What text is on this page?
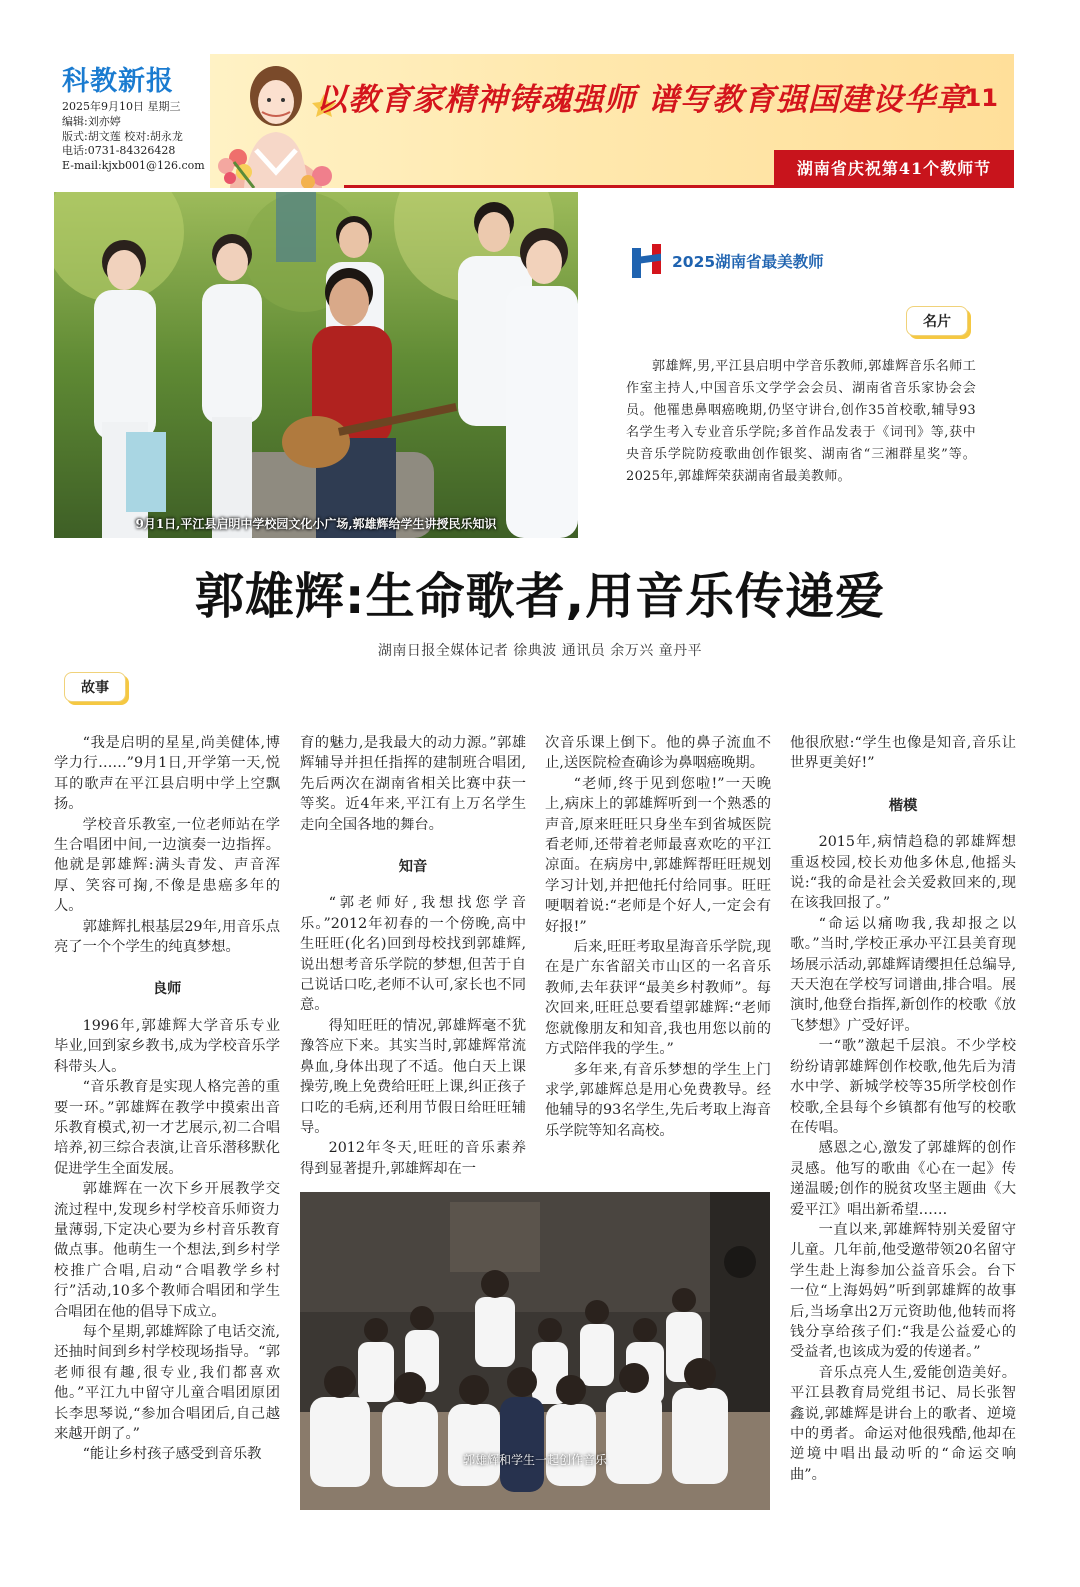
科教新报
2025年9月10日 星期三
编辑:刘亦婷
版式:胡文莲 校对:胡永龙
电话:0731-84326428
E-mail:kjxb001@126.com
以教育家精神铸魂强师 谱写教育强国建设华章
11
湖南省庆祝第41个教师节
9月1日,平江县启明中学校园文化小广场,郭雄辉给学生讲授民乐知识
2025湖南省最美教师
名片

郭雄辉,男,平江县启明中学音乐教师,郭雄辉音乐名师工作室主持人,中国音乐文学学会会员、湖南省音乐家协会会员。他罹患鼻咽癌晚期,仍坚守讲台,创作35首校歌,辅导93名学生考入专业音乐学院;多首作品发表于《词刊》等,获中央音乐学院防疫歌曲创作银奖、湖南省“三湘群星奖”等。2025年,郭雄辉荣获湖南省最美教师。

郭雄辉:生命歌者,用音乐传递爱
湖南日报全媒体记者 徐典波 通讯员 余万兴 童丹平
故事

“我是启明的星星,尚美健体,博学力行……”9月1日,开学第一天,悦耳的歌声在平江县启明中学上空飘扬。

学校音乐教室,一位老师站在学生合唱团中间,一边演奏一边指挥。他就是郭雄辉:满头青发、声音浑厚、笑容可掬,不像是患癌多年的人。

郭雄辉扎根基层29年,用音乐点亮了一个个学生的纯真梦想。

良师

1996年,郭雄辉大学音乐专业毕业,回到家乡教书,成为学校音乐学科带头人。

“音乐教育是实现人格完善的重要一环。”郭雄辉在教学中摸索出音乐教育模式,初一才艺展示,初二合唱培养,初三综合表演,让音乐潜移默化促进学生全面发展。

郭雄辉在一次下乡开展教学交流过程中,发现乡村学校音乐师资力量薄弱,下定决心要为乡村音乐教育做点事。他萌生一个想法,到乡村学校推广合唱,启动“合唱教学乡村行”活动,10多个教师合唱团和学生合唱团在他的倡导下成立。

每个星期,郭雄辉除了电话交流,还抽时间到乡村学校现场指导。“郭老师很有趣,很专业,我们都喜欢他。”平江九中留守儿童合唱团原团长李思琴说,“参加合唱团后,自己越来越开朗了。”

“能让乡村孩子感受到音乐教

育的魅力,是我最大的动力源。”郭雄辉辅导并担任指挥的建制班合唱团,先后两次在湖南省相关比赛中获一等奖。近4年来,平江有上万名学生走向全国各地的舞台。

知音

“郭老师好,我想找您学音乐。”2012年初春的一个傍晚,高中生旺旺(化名)回到母校找到郭雄辉,说出想考音乐学院的梦想,但苦于自己说话口吃,老师不认可,家长也不同意。

得知旺旺的情况,郭雄辉毫不犹豫答应下来。其实当时,郭雄辉常流鼻血,身体出现了不适。他白天上课操劳,晚上免费给旺旺上课,纠正孩子口吃的毛病,还利用节假日给旺旺辅导。

2012年冬天,旺旺的音乐素养得到显著提升,郭雄辉却在一

次音乐课上倒下。他的鼻子流血不止,送医院检查确诊为鼻咽癌晚期。

“老师,终于见到您啦!”一天晚上,病床上的郭雄辉听到一个熟悉的声音,原来旺旺只身坐车到省城医院看老师,还带着老师最喜欢吃的平江凉面。在病房中,郭雄辉帮旺旺规划学习计划,并把他托付给同事。旺旺哽咽着说:“老师是个好人,一定会有好报!”

后来,旺旺考取星海音乐学院,现在是广东省韶关市山区的一名音乐教师,去年获评“最美乡村教师”。每次回来,旺旺总要看望郭雄辉:“老师您就像朋友和知音,我也用您以前的方式陪伴我的学生。”

多年来,有音乐梦想的学生上门求学,郭雄辉总是用心免费教导。经他辅导的93名学生,先后考取上海音乐学院等知名高校。

他很欣慰:“学生也像是知音,音乐让世界更美好!”

楷模

2015年,病情趋稳的郭雄辉想重返校园,校长劝他多休息,他摇头说:“我的命是社会关爱救回来的,现在该我回报了。”

“命运以痛吻我,我却报之以歌。”当时,学校正承办平江县美育现场展示活动,郭雄辉请缨担任总编导,天天泡在学校写词谱曲,排合唱。展演时,他登台指挥,新创作的校歌《放飞梦想》广受好评。

一“歌”激起千层浪。不少学校纷纷请郭雄辉创作校歌,他先后为清水中学、新城学校等35所学校创作校歌,全县每个乡镇都有他写的校歌在传唱。

感恩之心,激发了郭雄辉的创作灵感。他写的歌曲《心在一起》传递温暖;创作的脱贫攻坚主题曲《大爱平江》唱出新希望……

一直以来,郭雄辉特别关爱留守儿童。几年前,他受邀带领20名留守学生赴上海参加公益音乐会。台下一位“上海妈妈”听到郭雄辉的故事后,当场拿出2万元资助他,他转而将钱分享给孩子们:“我是公益爱心的受益者,也该成为爱的传递者。”

音乐点亮人生,爱能创造美好。平江县教育局党组书记、局长张智鑫说,郭雄辉是讲台上的歌者、逆境中的勇者。命运对他很残酷,他却在逆境中唱出最动听的“命运交响曲”。

郭雄辉和学生一起创作音乐
